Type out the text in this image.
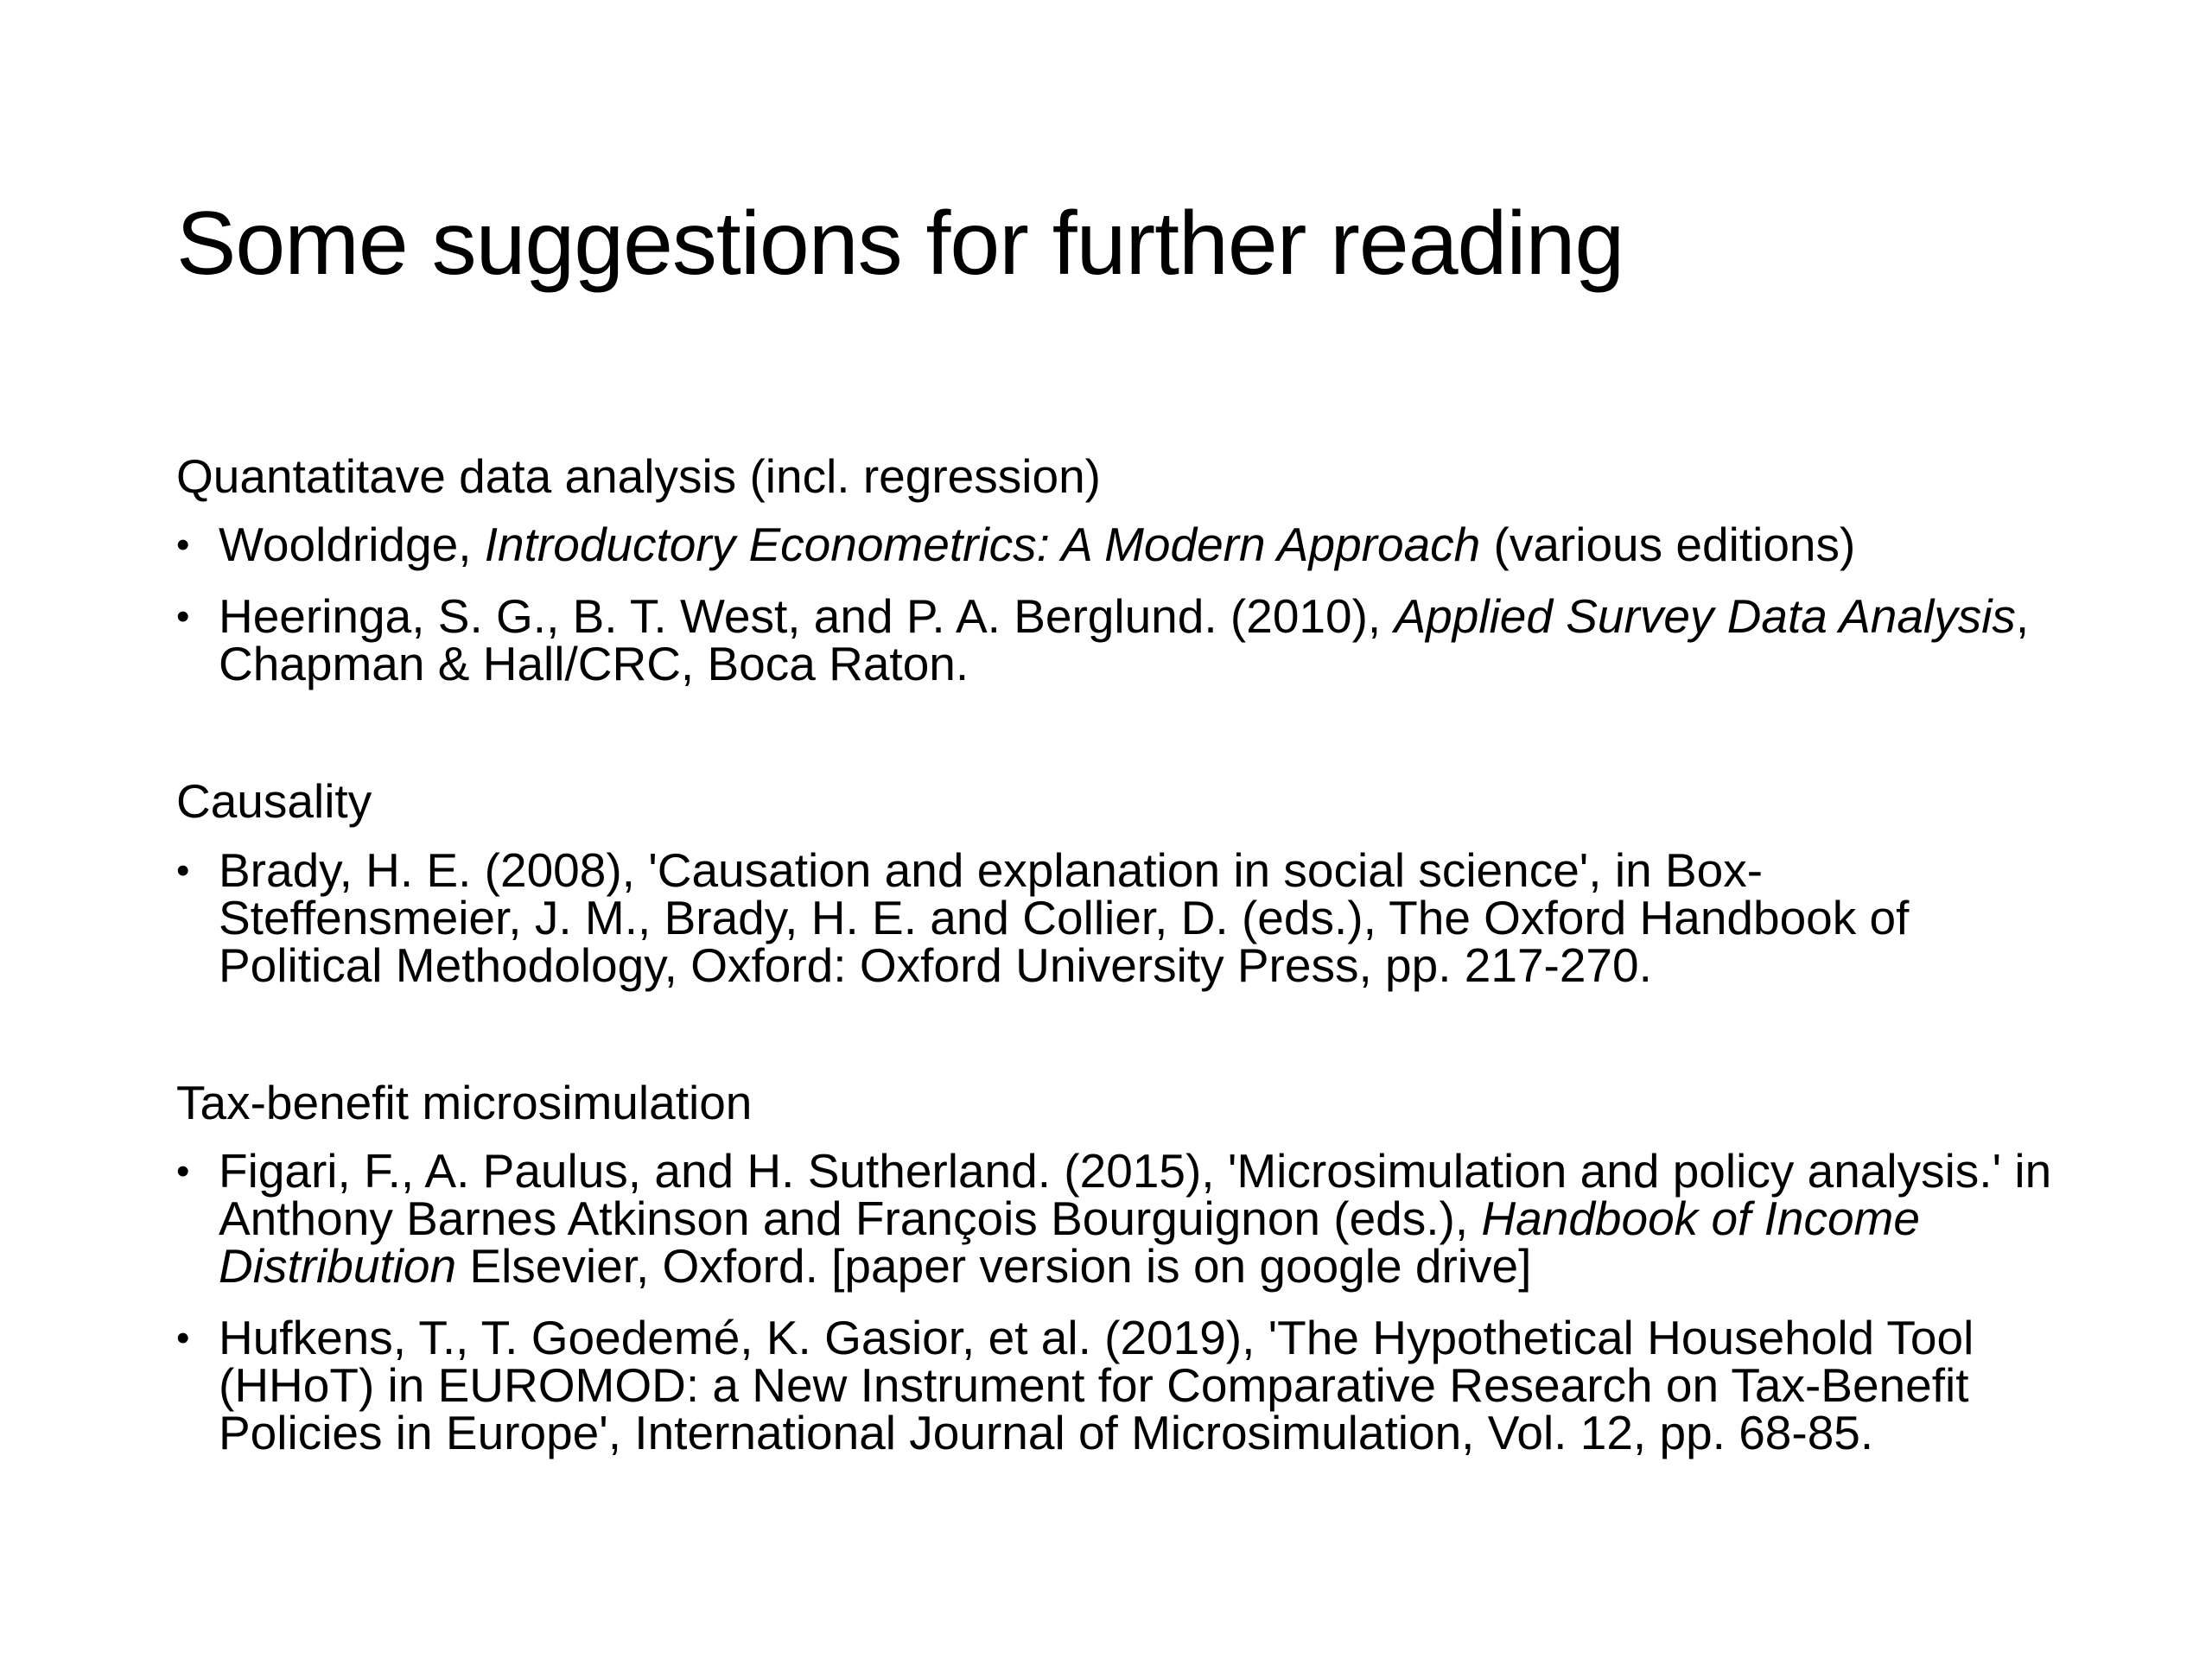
Some suggestions for further reading
Quantatitave data analysis (incl. regression)
• Wooldridge, Introductory Econometrics: A Modern Approach (various editions)
• Heeringa, S. G., B. T. West, and P. A. Berglund. (2010), Applied Survey Data Analysis, Chapman & Hall/CRC, Boca Raton.
Causality
• Brady, H. E. (2008), 'Causation and explanation in social science', in Box-Steffensmeier, J. M., Brady, H. E. and Collier, D. (eds.), The Oxford Handbook of Political Methodology, Oxford: Oxford University Press, pp. 217-270.
Tax-benefit microsimulation
• Figari, F., A. Paulus, and H. Sutherland. (2015), 'Microsimulation and policy analysis.' in Anthony Barnes Atkinson and François Bourguignon (eds.), Handbook of Income Distribution Elsevier, Oxford. [paper version is on google drive]
• Hufkens, T., T. Goedemé, K. Gasior, et al. (2019), 'The Hypothetical Household Tool (HHoT) in EUROMOD: a New Instrument for Comparative Research on Tax-Benefit Policies in Europe', International Journal of Microsimulation, Vol. 12, pp. 68-85.
